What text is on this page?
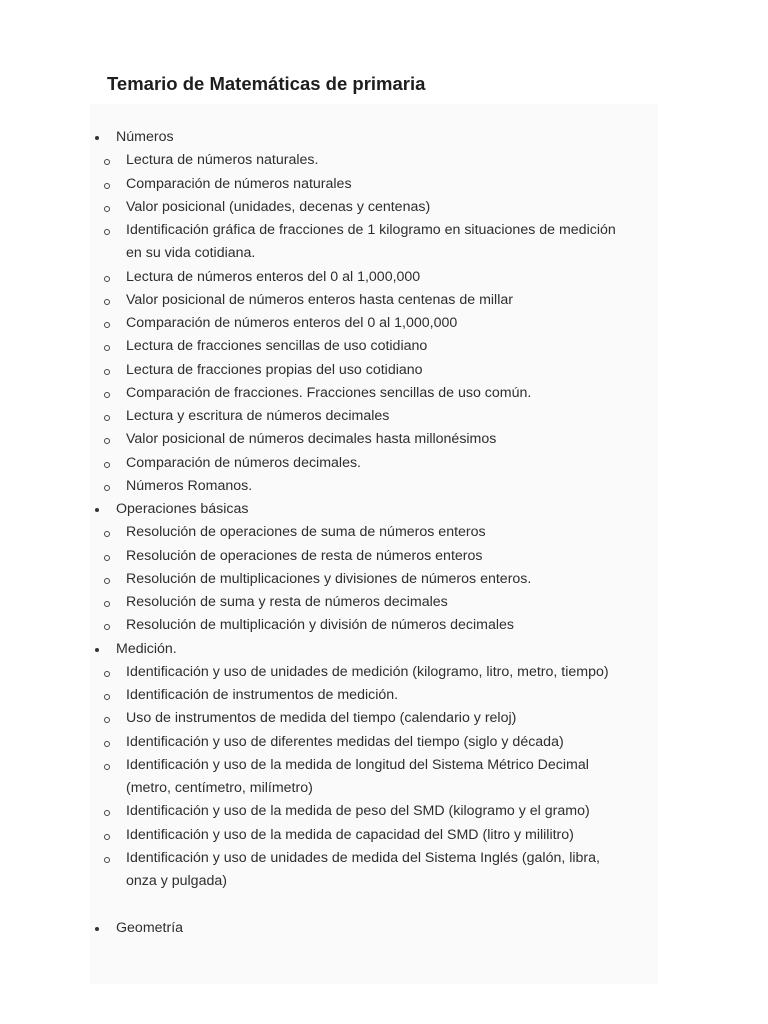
Temario de Matemáticas de primaria
Números
Lectura de números naturales.
Comparación de números naturales
Valor posicional (unidades, decenas y centenas)
Identificación gráfica de fracciones de 1 kilogramo en situaciones de medición
en su vida cotidiana.
Lectura de números enteros del 0 al 1,000,000
Valor posicional de números enteros hasta centenas de millar
Comparación de números enteros del 0 al 1,000,000
Lectura de fracciones sencillas de uso cotidiano
Lectura de fracciones propias del uso cotidiano
Comparación de fracciones. Fracciones sencillas de uso común.
Lectura y escritura de números decimales
Valor posicional de números decimales hasta millonésimos
Comparación de números decimales.
Números Romanos.
Operaciones básicas
Resolución de operaciones de suma de números enteros
Resolución de operaciones de resta de números enteros
Resolución de multiplicaciones y divisiones de números enteros.
Resolución de suma y resta de números decimales
Resolución de multiplicación y división de números decimales
Medición.
Identificación y uso de unidades de medición (kilogramo, litro, metro, tiempo)
Identificación de instrumentos de medición.
Uso de instrumentos de medida del tiempo (calendario y reloj)
Identificación y uso de diferentes medidas del tiempo (siglo y década)
Identificación y uso de la medida de longitud del Sistema Métrico Decimal
(metro, centímetro, milímetro)
Identificación y uso de la medida de peso del SMD (kilogramo y el gramo)
Identificación y uso de la medida de capacidad del SMD (litro y mililitro)
Identificación y uso de unidades de medida del Sistema Inglés (galón, libra,
onza y pulgada)
Geometría
